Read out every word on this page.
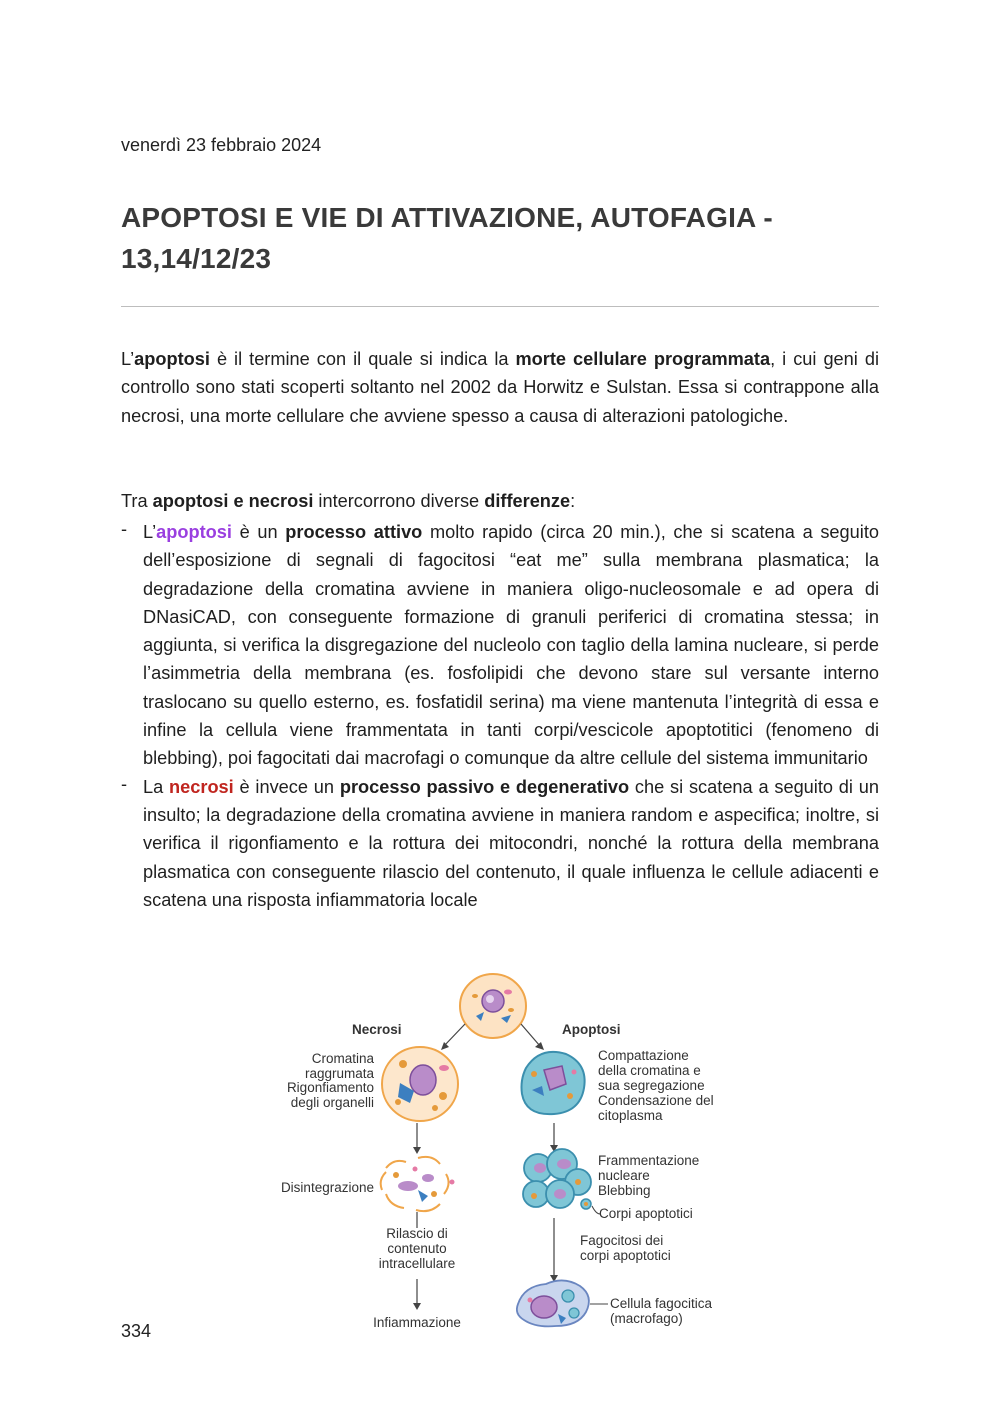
venerdì 23 febbraio 2024
APOPTOSI E VIE DI ATTIVAZIONE, AUTOFAGIA - 13,14/12/23

L’apoptosi è il termine con il quale si indica la morte cellulare programmata, i cui geni di controllo sono stati scoperti soltanto nel 2002 da Horwitz e Sulstan. Essa si contrappone alla necrosi, una morte cellulare che avviene spesso a causa di alterazioni patologiche.

Tra apoptosi e necrosi intercorrono diverse differenze:

- L’apoptosi è un processo attivo molto rapido (circa 20 min.), che si scatena a seguito dell’esposizione di segnali di fagocitosi “eat me” sulla membrana plasmatica; la degradazione della cromatina avviene in maniera oligo-nucleosomale e ad opera di DNasiCAD, con conseguente formazione di granuli periferici di cromatina stessa; in aggiunta, si verifica la disgregazione del nucleolo con taglio della lamina nucleare, si perde l’asimmetria della membrana (es. fosfolipidi che devono stare sul versante interno traslocano su quello esterno, es. fosfatidil serina) ma viene mantenuta l’integrità di essa e infine la cellula viene frammentata in tanti corpi/vescicole apoptotitici (fenomeno di blebbing), poi fagocitati dai macrofagi o comunque da altre cellule del sistema immunitario
- La necrosi è invece un processo passivo e degenerativo che si scatena a seguito di un insulto; la degradazione della cromatina avviene in maniera random e aspecifica; inoltre, si verifica il rigonfiamento e la rottura dei mitocondri, nonché la rottura della membrana plasmatica con conseguente rilascio del contenuto, il quale influenza le cellule adiacenti e scatena una risposta infiammatoria locale
Necrosi	Apoptosi
Cromatina
raggrumata
Rigonfiamento
degli organelli
Disintegrazione
Rilascio di
contenuto
intracellulare
Infiammazione
Compattazione
della cromatina e
sua segregazione
Condensazione del
citoplasma
Frammentazione
nucleare
Blebbing
Corpi apoptotici
Fagocitosi dei
corpi apoptotici
Cellula fagocitica
(macrofago)
334
